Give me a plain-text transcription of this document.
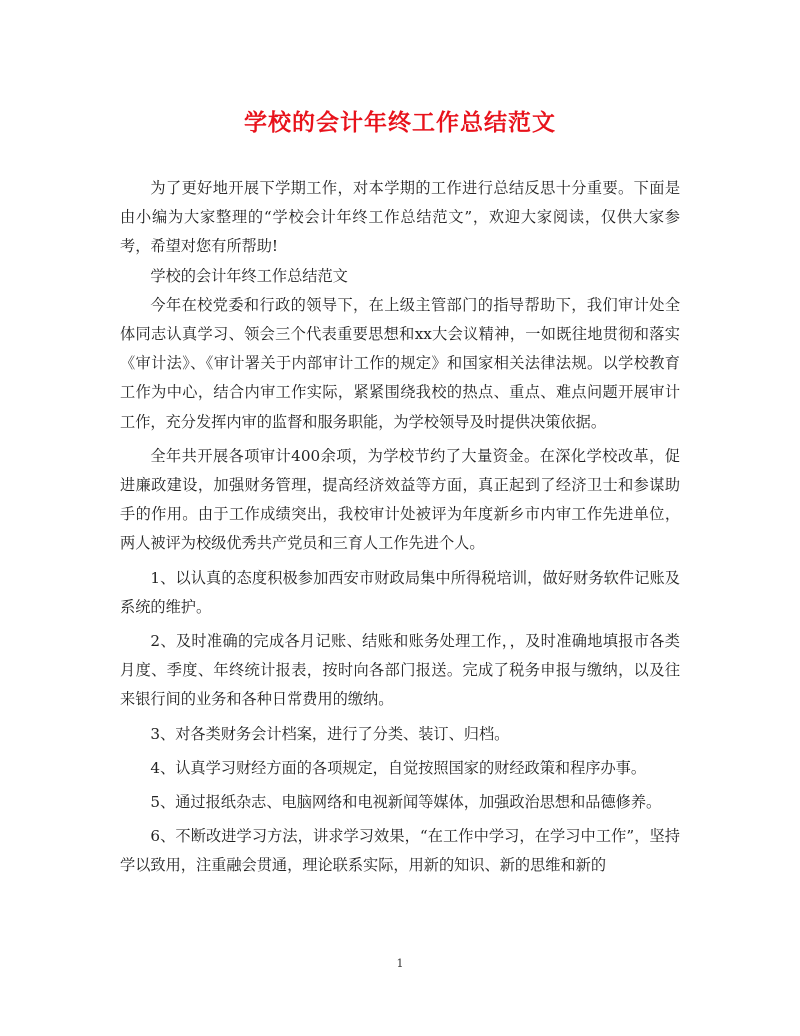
学校的会计年终工作总结范文

为了更好地开展下学期工作，对本学期的工作进行总结反思十分重要。下面是由小编为大家整理的“学校会计年终工作总结范文”，欢迎大家阅读，仅供大家参考，希望对您有所帮助!

学校的会计年终工作总结范文

今年在校党委和行政的领导下，在上级主管部门的指导帮助下，我们审计处全体同志认真学习、领会三个代表重要思想和xx大会议精神，一如既往地贯彻和落实《审计法》、《审计署关于内部审计工作的规定》和国家相关法律法规。以学校教育工作为中心，结合内审工作实际，紧紧围绕我校的热点、重点、难点问题开展审计工作，充分发挥内审的监督和服务职能，为学校领导及时提供决策依据。

全年共开展各项审计400余项，为学校节约了大量资金。在深化学校改革，促进廉政建设，加强财务管理，提高经济效益等方面，真正起到了经济卫士和参谋助手的作用。由于工作成绩突出，我校审计处被评为年度新乡市内审工作先进单位，两人被评为校级优秀共产党员和三育人工作先进个人。

1、以认真的态度积极参加西安市财政局集中所得税培训，做好财务软件记账及系统的维护。

2、及时准确的完成各月记账、结账和账务处理工作，，及时准确地填报市各类月度、季度、年终统计报表，按时向各部门报送。完成了税务申报与缴纳，以及往来银行间的业务和各种日常费用的缴纳。

3、对各类财务会计档案，进行了分类、装订、归档。

4、认真学习财经方面的各项规定，自觉按照国家的财经政策和程序办事。

5、通过报纸杂志、电脑网络和电视新闻等媒体，加强政治思想和品德修养。

6、不断改进学习方法，讲求学习效果，“在工作中学习，在学习中工作”，坚持学以致用，注重融会贯通，理论联系实际，用新的知识、新的思维和新的

1
